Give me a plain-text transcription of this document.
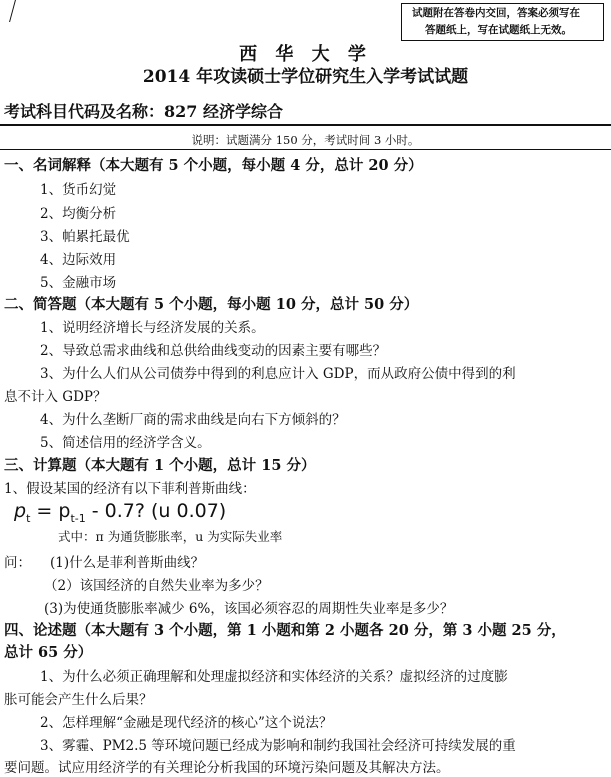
试题附在答卷内交回，答案必须写在
答题纸上，写在试题纸上无效。
西 华 大 学
2014 年攻读硕士学位研究生入学考试试题
考试科目代码及名称：827 经济学综合
说明：试题满分 150 分，考试时间 3 小时。
一、名词解释（本大题有 5 个小题，每小题 4 分，总计 20 分）
1、货币幻觉
2、均衡分析
3、帕累托最优
4、边际效用
5、金融市场
二、简答题（本大题有 5 个小题，每小题 10 分，总计 50 分）
1、说明经济增长与经济发展的关系。
2、导致总需求曲线和总供给曲线变动的因素主要有哪些？
3、为什么人们从公司债券中得到的利息应计入 GDP，而从政府公债中得到的利
息不计入 GDP？
4、为什么垄断厂商的需求曲线是向右下方倾斜的？
5、简述信用的经济学含义。
三、计算题（本大题有 1 个小题，总计 15 分）
1、假设某国的经济有以下菲利普斯曲线：
$p_t = p_{t-1} - 0.7$? (u 0.07)
式中：π 为通货膨胀率，u 为实际失业率
问： (1)什么是菲利普斯曲线？
（2）该国经济的自然失业率为多少？
(3)为使通货膨胀率减少 6%，该国必须容忍的周期性失业率是多少？
四、论述题（本大题有 3 个小题，第 1 小题和第 2 小题各 20 分，第 3 小题 25 分，
总计 65 分）
1、为什么必须正确理解和处理虚拟经济和实体经济的关系？虚拟经济的过度膨
胀可能会产生什么后果？
2、怎样理解“金融是现代经济的核心”这个说法？
3、雾霾、PM2.5 等环境问题已经成为影响和制约我国社会经济可持续发展的重
要问题。试应用经济学的有关理论分析我国的环境污染问题及其解决方法。
